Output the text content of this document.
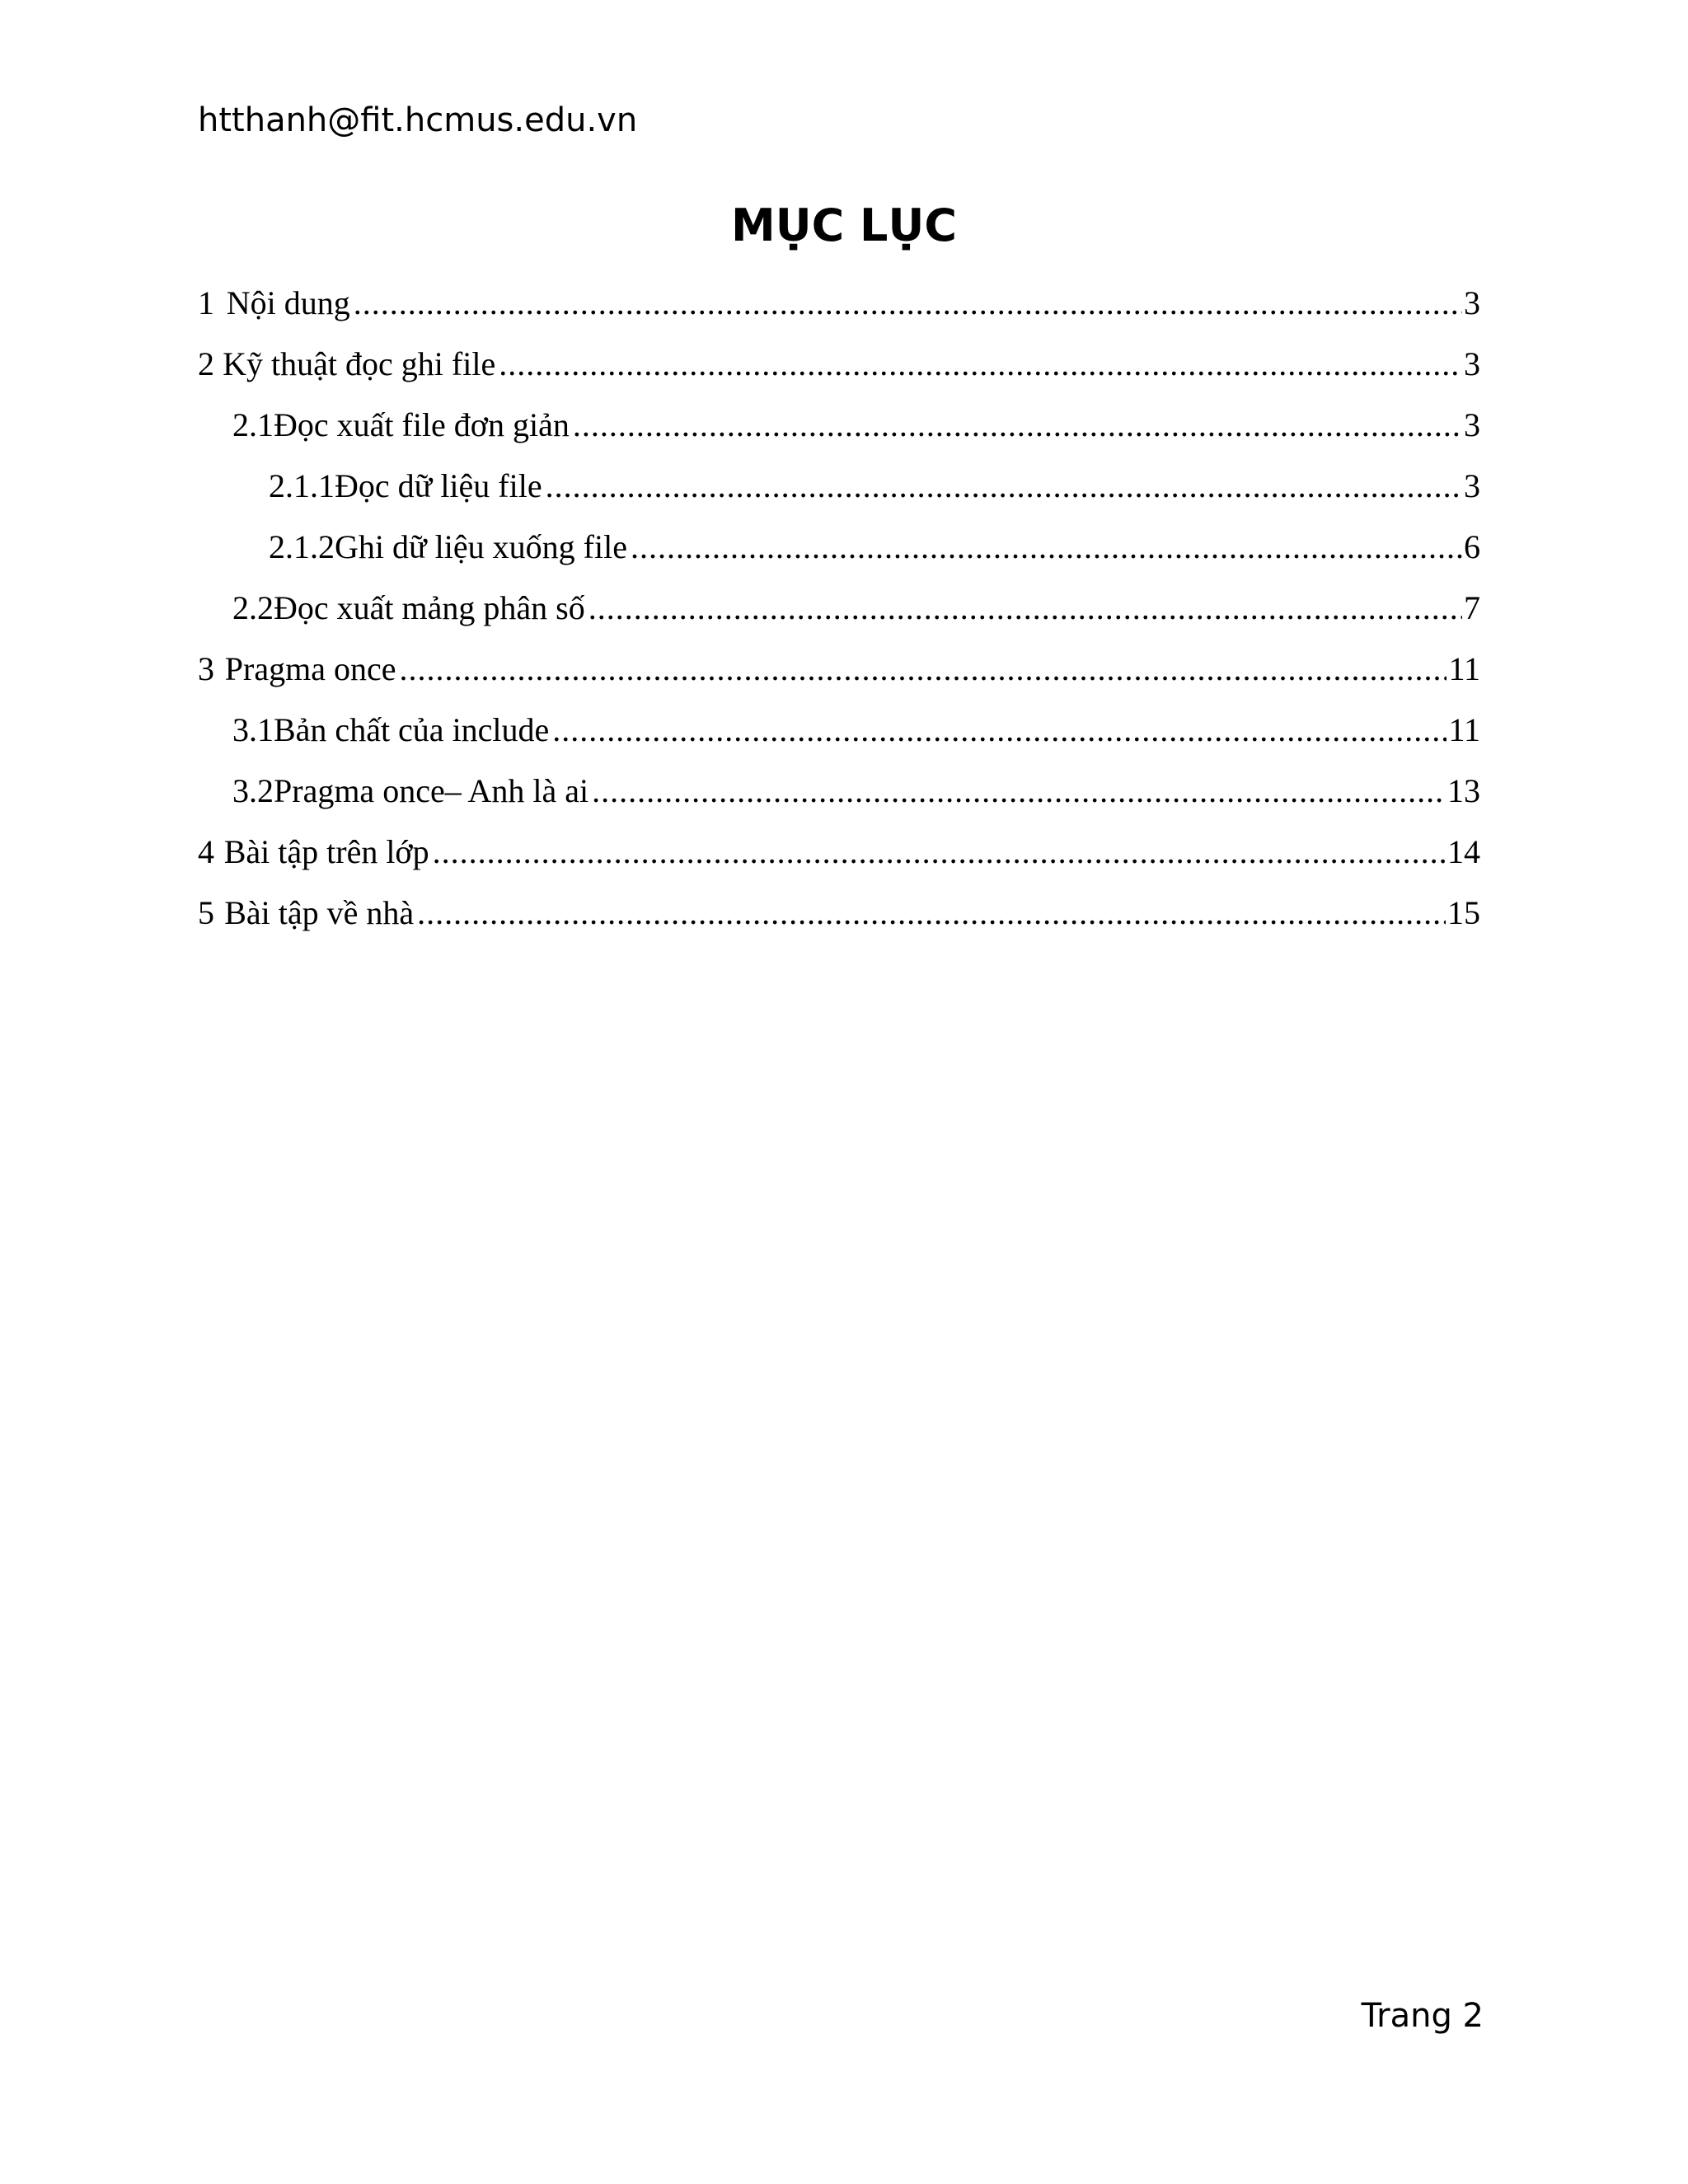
htthanh@fit.hcmus.edu.vn
MỤC LỤC
1 Nội dung .....	3
2 Kỹ thuật đọc ghi file .....	3
2.1 Đọc xuất file đơn giản .....	3
2.1.1 Đọc dữ liệu file .....	3
2.1.2 Ghi dữ liệu xuống file .....	6
2.2 Đọc xuất mảng phân số .....	7
3 Pragma once .....	11
3.1 Bản chất của include .....	11
3.2 Pragma once– Anh là ai .....	13
4 Bài tập trên lớp .....	14
5 Bài tập về nhà .....	15
Trang 2
